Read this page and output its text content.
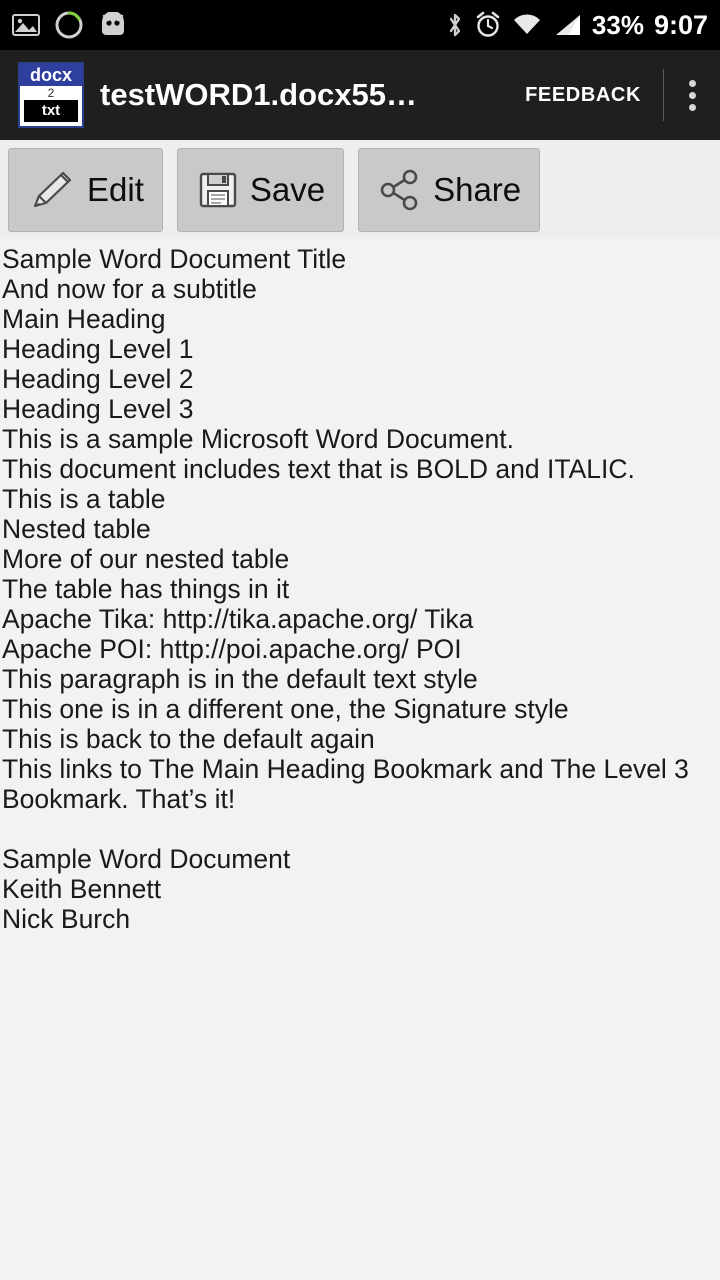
33% 9:07
docx
2
txt	testWORD1.docx55…	FEEDBACK
Edit	Save	Share

Sample Word Document Title

And now for a subtitle

Main Heading

Heading Level 1

Heading Level 2

Heading Level 3

This is a sample Microsoft Word Document.

This document includes text that is BOLD and ITALIC.

This is a table

Nested table

More of our nested table

The table has things in it

Apache Tika: http://tika.apache.org/ Tika

Apache POI: http://poi.apache.org/ POI

This paragraph is in the default text style

This one is in a different one, the Signature style

This is back to the default again

This links to The Main Heading Bookmark and The Level 3 Bookmark. That’s it!

Sample Word Document

Keith Bennett

Nick Burch
